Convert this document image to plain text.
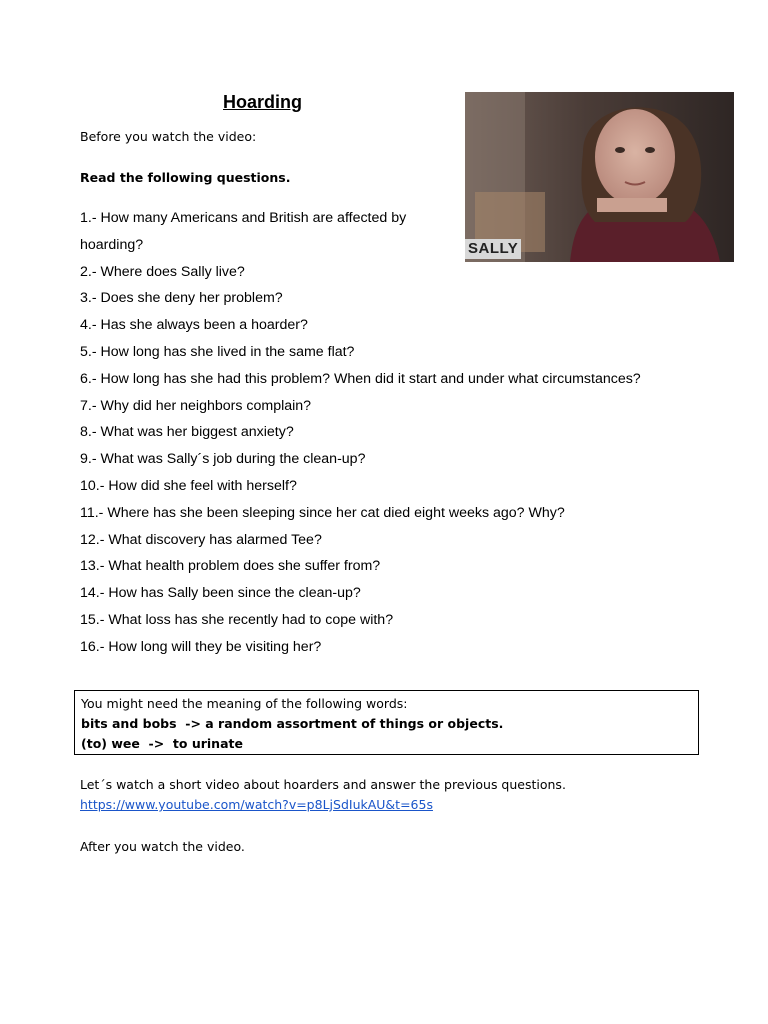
Hoarding
Before you watch the video:
Read the following questions.
1.- How many Americans and British are affected by hoarding?
2.- Where does Sally live?
3.- Does she deny her problem?
4.- Has she always been a hoarder?
5.- How long has she lived in the same flat?
6.- How long has she had this problem? When did it start and under what circumstances?
7.- Why did her neighbors complain?
8.- What was her biggest anxiety?
9.- What was Sally´s job during the clean-up?
10.- How did she feel with herself?
11.- Where has she been sleeping since her cat died eight weeks ago? Why?
12.- What discovery has alarmed Tee?
13.- What health problem does she suffer from?
14.- How has Sally been since the clean-up?
15.- What loss has she recently had to cope with?
16.- How long will they be visiting her?
SALLY
You might need the meaning of the following words:
bits and bobs  -> a random assortment of things or objects.
(to) wee  ->  to urinate
Let´s watch a short video about hoarders and answer the previous questions.
https://www.youtube.com/watch?v=p8LjSdIukAU&t=65s
After you watch the video.
